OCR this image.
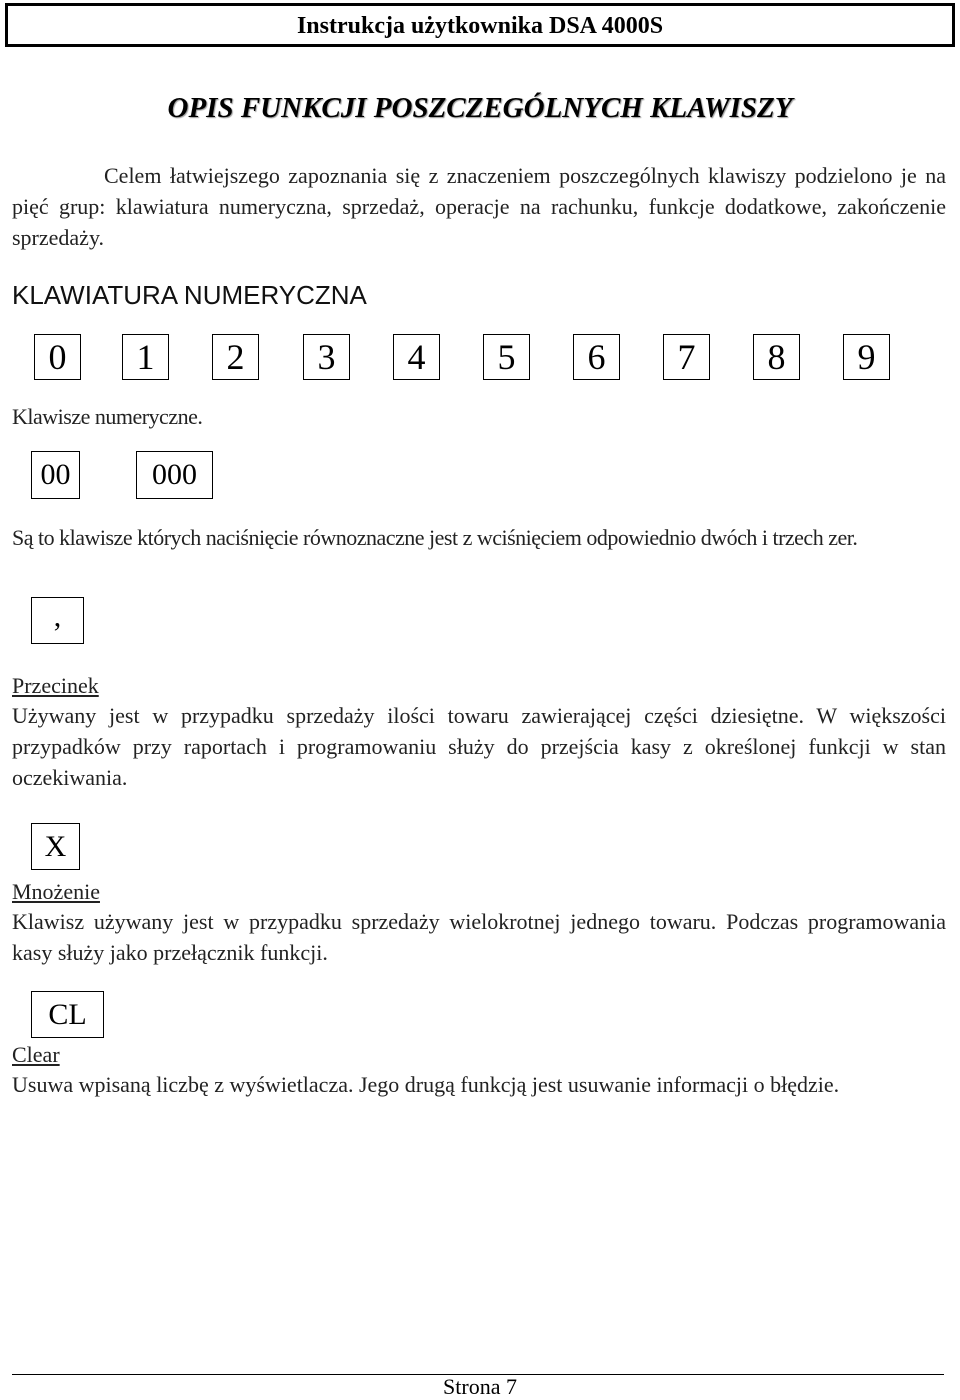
Instrukcja użytkownika DSA 4000S
OPIS FUNKCJI POSZCZEGÓLNYCH KLAWISZY

Celem łatwiejszego zapoznania się z znaczeniem poszczególnych klawiszy podzielono je na pięć grup: klawiatura numeryczna, sprzedaż, operacje na rachunku, funkcje dodatkowe, zakończenie sprzedaży.

KLAWIATURA NUMERYCZNA
0	1	2	3	4	5	6	7	8	9
Klawisze numeryczne.
00	000

Są to klawisze których naciśnięcie równoznaczne jest z wciśnięciem odpowiednio dwóch i trzech zer.

,
Przecinek

Używany jest w przypadku sprzedaży ilości towaru zawierającej części dziesiętne. W większości przypadków przy raportach i programowaniu służy do przejścia kasy z określonej funkcji w stan oczekiwania.

X
Mnożenie

Klawisz używany jest w przypadku sprzedaży wielokrotnej jednego towaru. Podczas programowania kasy służy jako przełącznik funkcji.

CL
Clear

Usuwa wpisaną liczbę z wyświetlacza. Jego drugą funkcją jest usuwanie informacji o błędzie.

Strona 7
